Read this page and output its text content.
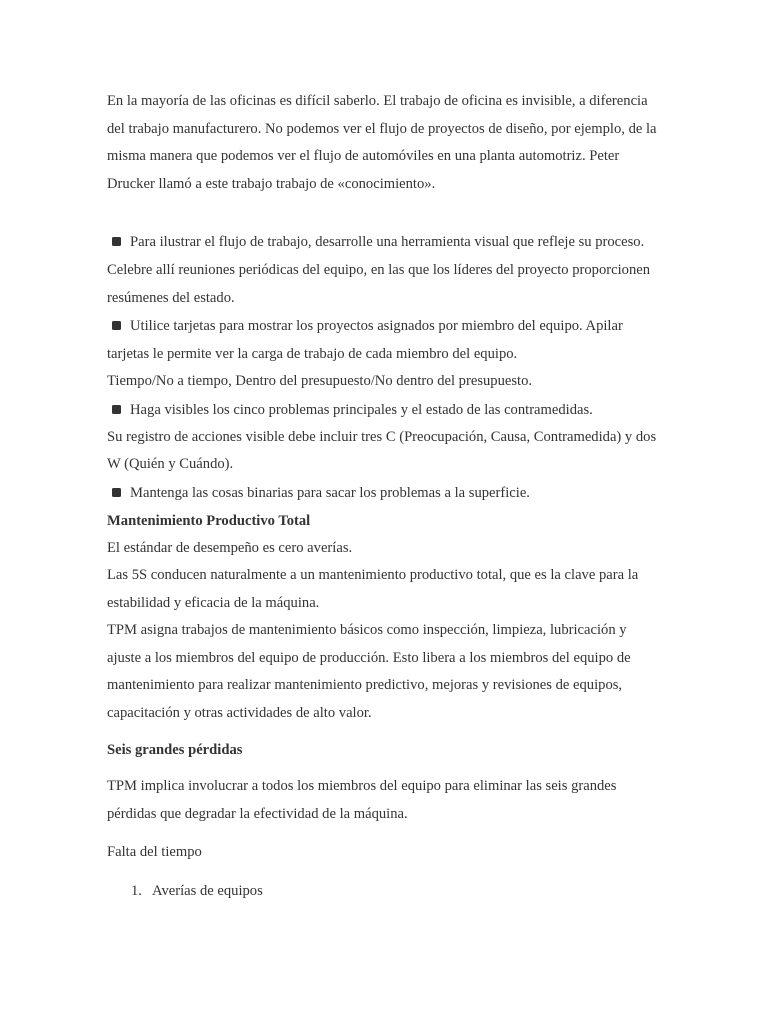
En la mayoría de las oficinas es difícil saberlo. El trabajo de oficina es invisible, a diferencia del trabajo manufacturero. No podemos ver el flujo de proyectos de diseño, por ejemplo, de la misma manera que podemos ver el flujo de automóviles en una planta automotriz. Peter Drucker llamó a este trabajo trabajo de «conocimiento».

Para ilustrar el flujo de trabajo, desarrolle una herramienta visual que refleje su proceso. Celebre allí reuniones periódicas del equipo, en las que los líderes del proyecto proporcionen resúmenes del estado.

Utilice tarjetas para mostrar los proyectos asignados por miembro del equipo. Apilar tarjetas le permite ver la carga de trabajo de cada miembro del equipo.

Tiempo/No a tiempo, Dentro del presupuesto/No dentro del presupuesto.

Haga visibles los cinco problemas principales y el estado de las contramedidas.

Su registro de acciones visible debe incluir tres C (Preocupación, Causa, Contramedida) y dos W (Quién y Cuándo).

Mantenga las cosas binarias para sacar los problemas a la superficie.

Mantenimiento Productivo Total

El estándar de desempeño es cero averías.

Las 5S conducen naturalmente a un mantenimiento productivo total, que es la clave para la estabilidad y eficacia de la máquina.

TPM asigna trabajos de mantenimiento básicos como inspección, limpieza, lubricación y ajuste a los miembros del equipo de producción. Esto libera a los miembros del equipo de mantenimiento para realizar mantenimiento predictivo, mejoras y revisiones de equipos, capacitación y otras actividades de alto valor.

Seis grandes pérdidas

TPM implica involucrar a todos los miembros del equipo para eliminar las seis grandes pérdidas que degradar la efectividad de la máquina.

Falta del tiempo

1. Averías de equipos
